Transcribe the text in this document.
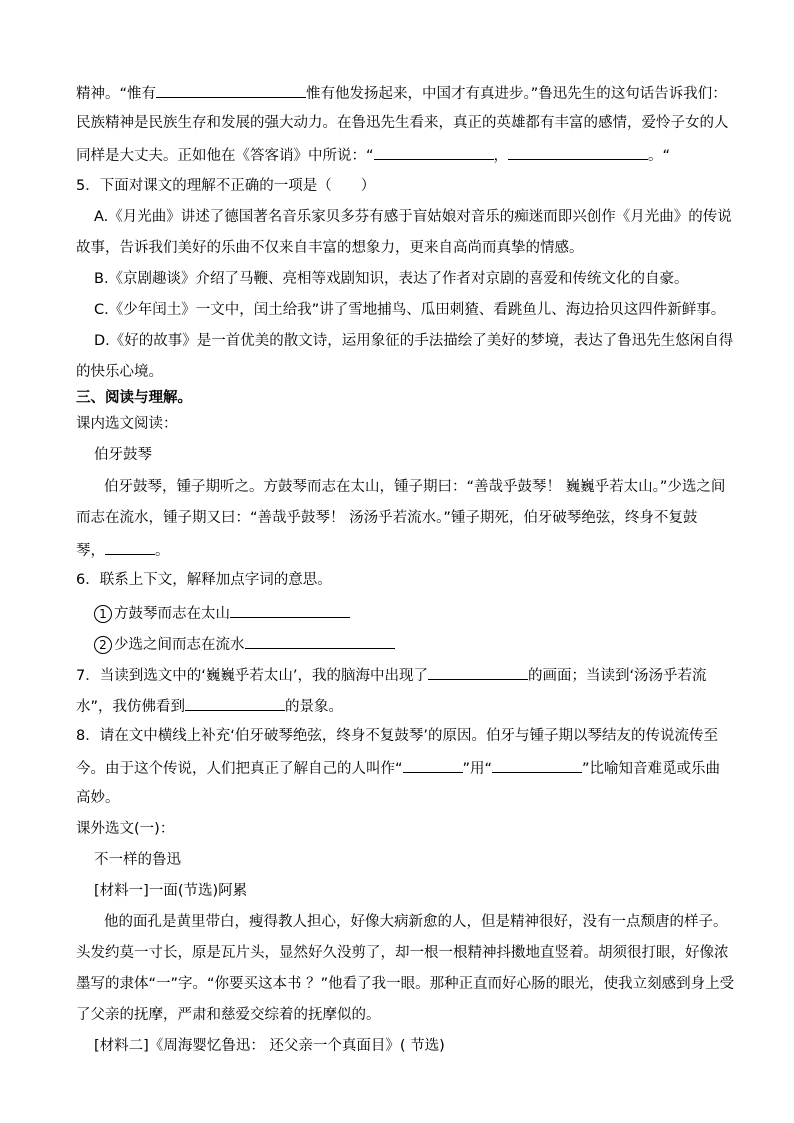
精神。“惟有	惟有他发扬起来，中国才有真进步。”鲁迅先生的这句话告诉我们：
民族精神是民族生存和发展的强大动力。在鲁迅先生看来，真正的英雄都有丰富的感情，爱怜子女的人
同样是大丈夫。正如他在《答客诮》中所说：“	，	。“
5．下面对课文的理解不正确的一项是（　　）
A.《月光曲》讲述了德国著名音乐家贝多芬有感于盲姑娘对音乐的痴迷而即兴创作《月光曲》的传说
故事，告诉我们美好的乐曲不仅来自丰富的想象力，更来自高尚而真挚的情感。
B.《京剧趣谈》介绍了马鞭、亮相等戏剧知识，表达了作者对京剧的喜爱和传统文化的自豪。
C.《少年闰土》一文中，闰土给我”讲了雪地捕鸟、瓜田刺猹、看跳鱼儿、海边拾贝这四件新鲜事。
D.《好的故事》是一首优美的散文诗，运用象征的手法描绘了美好的梦境，表达了鲁迅先生悠闲自得
的快乐心境。
三、阅读与理解。
课内选文阅读：
伯牙鼓琴
伯牙鼓琴，锺子期听之。方鼓琴而志在太山，锺子期曰：“善哉乎鼓琴！ 巍巍乎若太山。”少选之间
而志在流水，锺子期又曰：“善哉乎鼓琴！ 汤汤乎若流水。”锺子期死，伯牙破琴绝弦，终身不复鼓
琴，	。
6．联系上下文，解释加点字词的意思。
1 方鼓琴而志在太山
2 少选之间而志在流水
7．当读到选文中的‘巍巍乎若太山’，我的脑海中出现了	的画面；当读到‘汤汤乎若流
水”，我仿佛看到	的景象。
8．请在文中横线上补充‘伯牙破琴绝弦，终身不复鼓琴’的原因。伯牙与锺子期以琴结友的传说流传至
今。由于这个传说，人们把真正了解自己的人叫作“	”用“	”比喻知音难觅或乐曲
高妙。
课外选文(一)：
不一样的鲁迅
[材料一]一面(节选)阿累
他的面孔是黄里带白，瘦得教人担心，好像大病新愈的人，但是精神很好，没有一点颓唐的样子。
头发约莫一寸长，原是瓦片头，显然好久没剪了，却一根一根精神抖擞地直竖着。胡须很打眼，好像浓
墨写的隶体“一”字。“你要买这本书 ？”他看了我一眼。那种正直而好心肠的眼光，使我立刻感到身上受
了父亲的抚摩，严肃和慈爱交综着的抚摩似的。
[材料二]《周海婴忆鲁迅： 还父亲一个真面目》( 节选)
